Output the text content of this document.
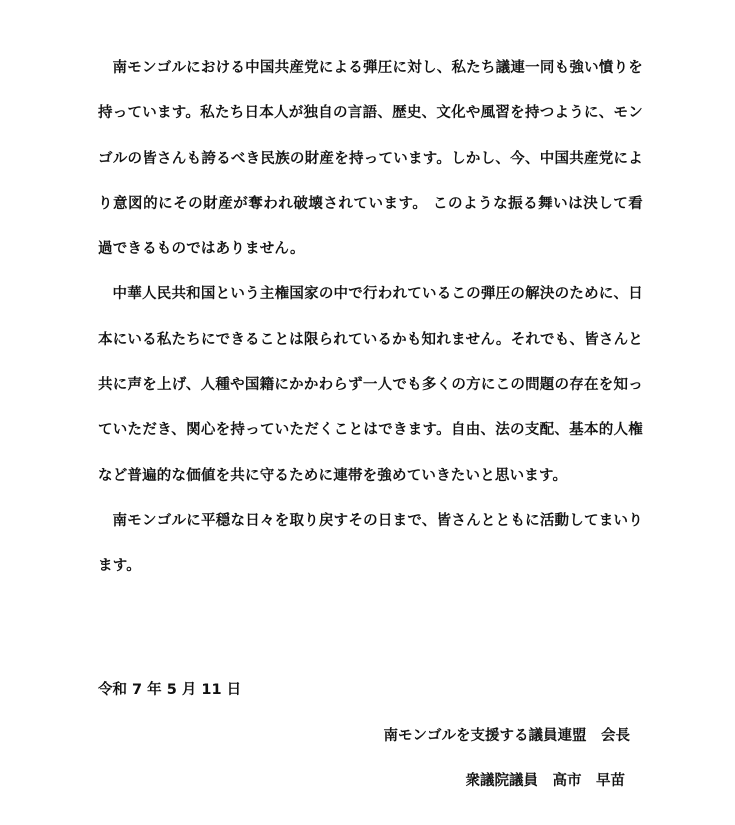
南モンゴルにおける中国共産党による弾圧に対し、私たち議連一同も強い憤りを持っています。私たち日本人が独自の言語、歴史、文化や風習を持つように、モンゴルの皆さんも誇るべき民族の財産を持っています。しかし、今、中国共産党により意図的にその財産が奪われ破壊されています。 このような振る舞いは決して看過できるものではありません。

中華人民共和国という主権国家の中で行われているこの弾圧の解決のために、日本にいる私たちにできることは限られているかも知れません。それでも、皆さんと共に声を上げ、人種や国籍にかかわらず一人でも多くの方にこの問題の存在を知っていただき、関心を持っていただくことはできます。自由、法の支配、基本的人権など普遍的な価値を共に守るために連帯を強めていきたいと思います。

南モンゴルに平穏な日々を取り戻すその日まで、皆さんとともに活動してまいります。

令和 7 年 5 月 11 日
南モンゴルを支援する議員連盟　会長
衆議院議員　高市　早苗
